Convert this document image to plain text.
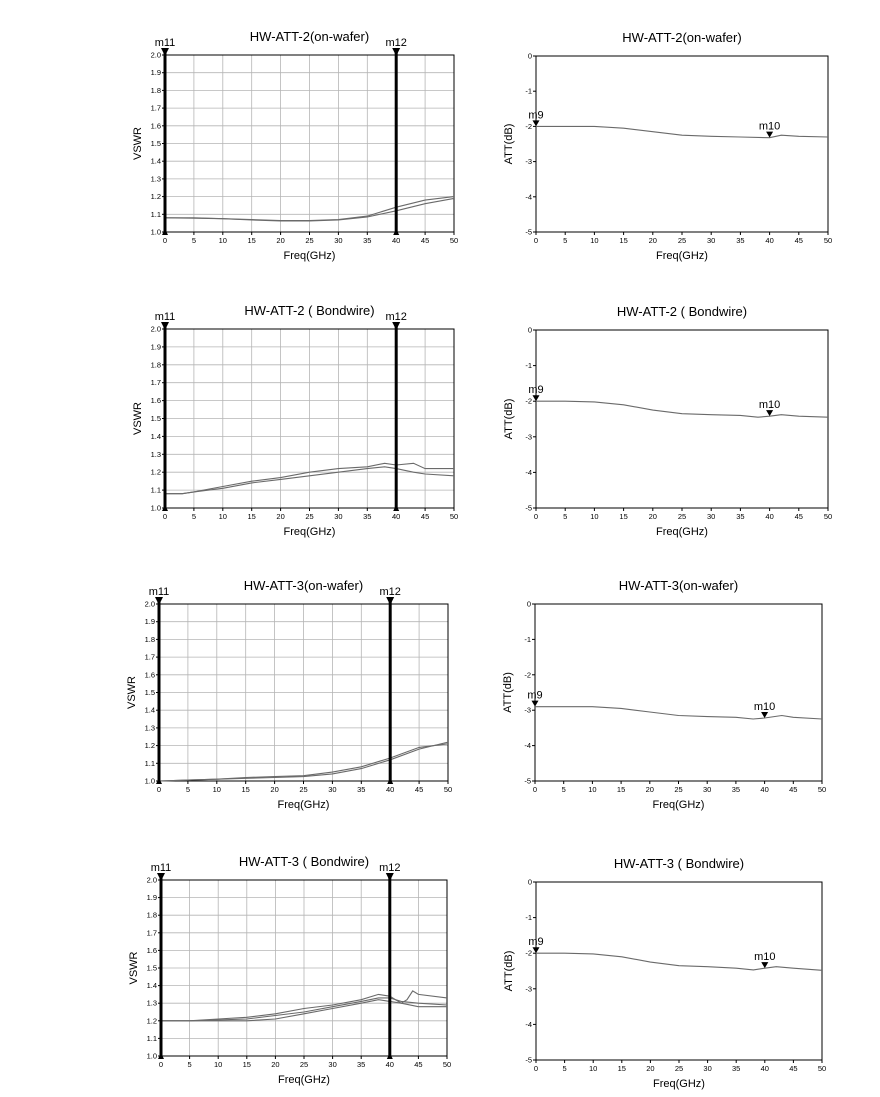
0	5	10	15	20	25	30	35	40	45	50
1.0
1.1
1.2
1.3
1.4
1.5
1.6
1.7
1.8
1.9
2.0
HW-ATT-2(on-wafer)
Freq(GHz)
VSWR
m11	m12
0	5	10	15	20	25	30	35	40	45	50
0
-1
-2
-3
-4
-5
HW-ATT-2(on-wafer)
Freq(GHz)
ATT(dB)
m9
m10
0	5	10	15	20	25	30	35	40	45	50
1.0
1.1
1.2
1.3
1.4
1.5
1.6
1.7
1.8
1.9
2.0
HW-ATT-2 ( Bondwire)
Freq(GHz)
VSWR
m11	m12
0	5	10	15	20	25	30	35	40	45	50
0
-1
-2
-3
-4
-5
HW-ATT-2 ( Bondwire)
Freq(GHz)
ATT(dB)
m9
m10
0	5	10	15	20	25	30	35	40	45	50
1.0
1.1
1.2
1.3
1.4
1.5
1.6
1.7
1.8
1.9
2.0
HW-ATT-3(on-wafer)
Freq(GHz)
VSWR
m11	m12
0	5	10	15	20	25	30	35	40	45	50
0
-1
-2
-3
-4
-5
HW-ATT-3(on-wafer)
Freq(GHz)
ATT(dB) m9
m10
0	5	10	15	20	25	30	35	40	45	50
1.0
1.1
1.2
1.3
1.4
1.5
1.6
1.7
1.8
1.9
2.0
HW-ATT-3 ( Bondwire)
Freq(GHz)
VSWR
m11	m12
0	5	10	15	20	25	30	35	40	45	50
0
-1
-2
-3
-4
-5
HW-ATT-3 ( Bondwire)
Freq(GHz)
ATT(dB)
m9
m10
